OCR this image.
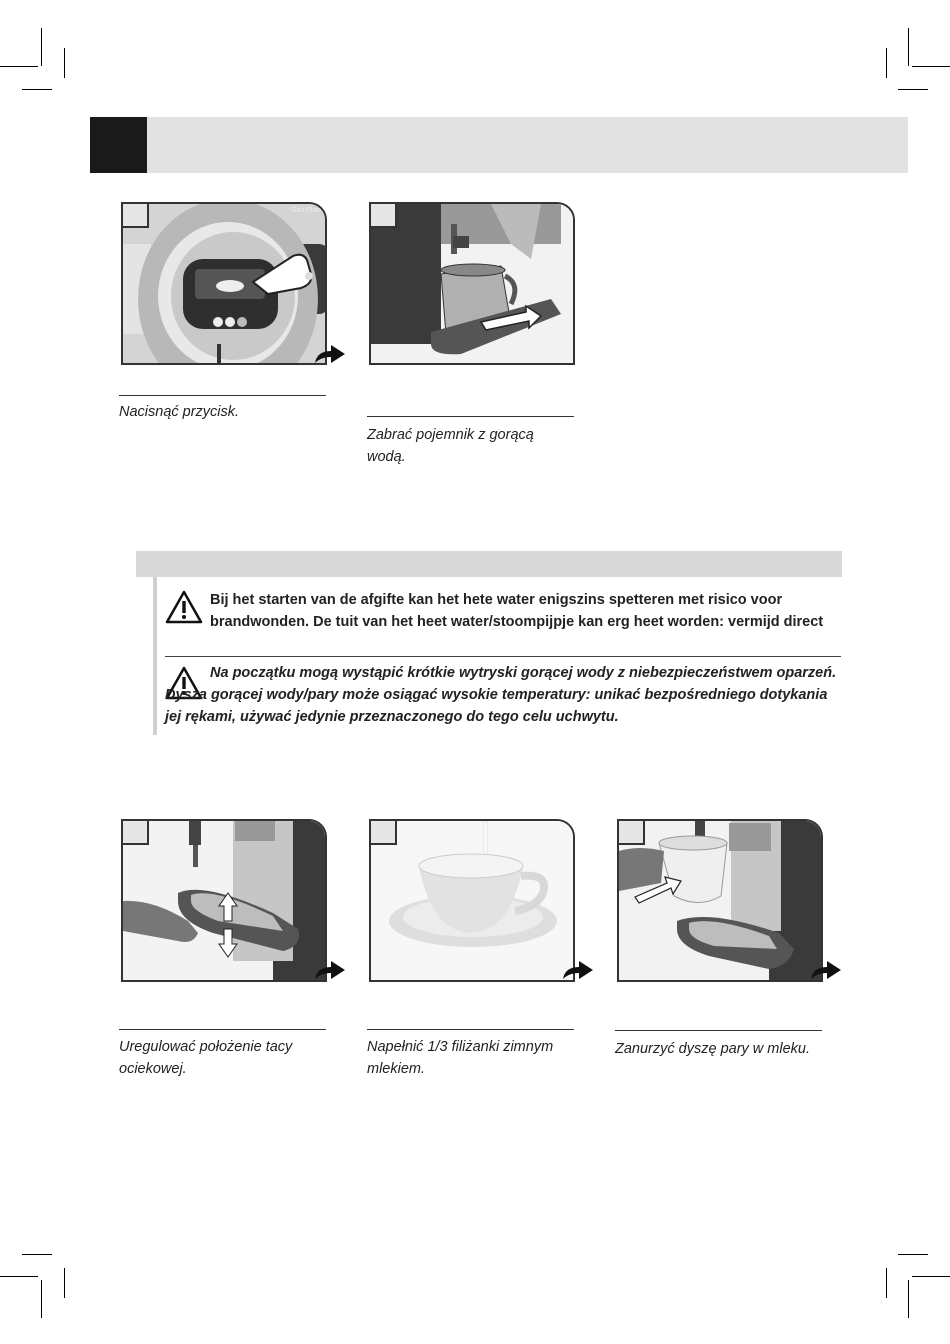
Giro Plus

Nacisnąć przycisk.

Zabrać pojemnik z gorącą wodą.

Bij het starten van de afgifte kan het hete water enigszins spetteren met risico voor brandwonden. De tuit van het heet water/stoompijpje kan erg heet worden: vermijd direct

Na początku mogą wystąpić krótkie wytryski gorącej wody z niebezpieczeństwem oparzeń. Dysza gorącej wody/pary może osiągać wysokie temperatury: unikać bezpośredniego dotykania jej rękami, używać jedynie przeznaczonego do tego celu uchwytu.

Uregulować położenie tacy ociekowej.

Napełnić 1/3 filiżanki zimnym mlekiem.

Zanurzyć dyszę pary w mleku.
